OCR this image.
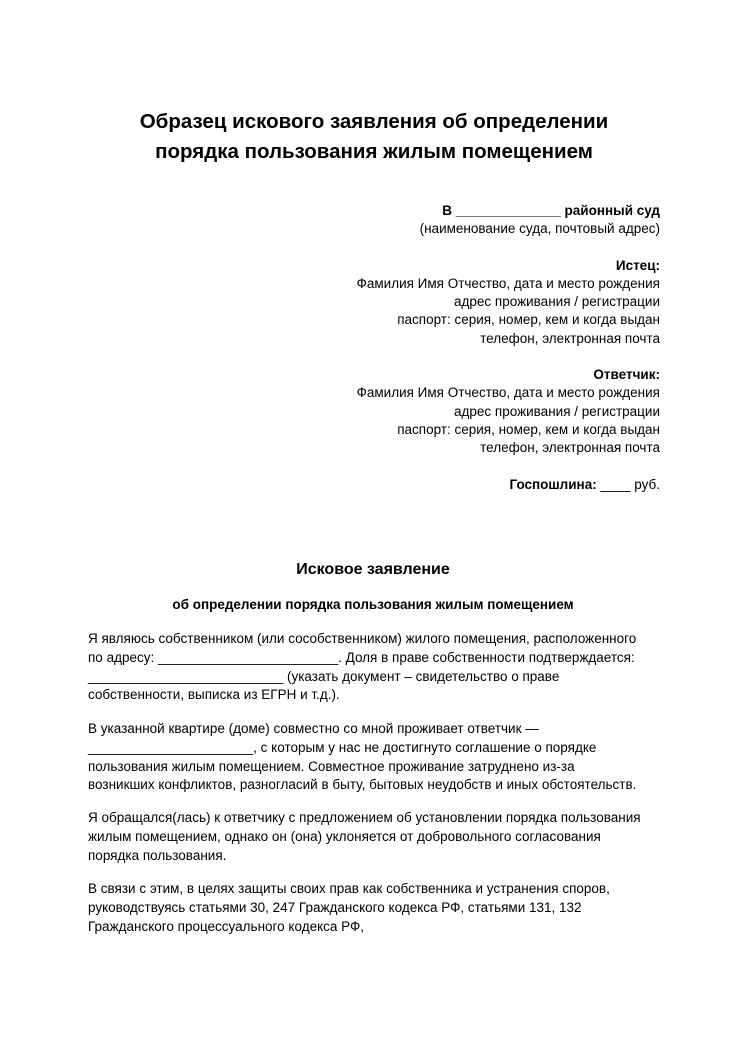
Образец искового заявления об определении
порядка пользования жилым помещением

В ______________ районный суд

(наименование суда, почтовый адрес)

Истец:

Фамилия Имя Отчество, дата и место рождения

адрес проживания / регистрации

паспорт: серия, номер, кем и когда выдан

телефон, электронная почта

Ответчик:

Фамилия Имя Отчество, дата и место рождения

адрес проживания / регистрации

паспорт: серия, номер, кем и когда выдан

телефон, электронная почта

Госпошлина: ____ руб.

Исковое заявление
об определении порядка пользования жилым помещением
Я являюсь собственником (или сособственником) жилого помещения, расположенного
по адресу: ________________________. Доля в праве собственности подтверждается:
__________________________ (указать документ – свидетельство о праве
собственности, выписка из ЕГРН и т.д.).
В указанной квартире (доме) совместно со мной проживает ответчик —
______________________, с которым у нас не достигнуто соглашение о порядке
пользования жилым помещением. Совместное проживание затруднено из-за
возникших конфликтов, разногласий в быту, бытовых неудобств и иных обстоятельств.
Я обращался(лась) к ответчику с предложением об установлении порядка пользования
жилым помещением, однако он (она) уклоняется от добровольного согласования
порядка пользования.
В связи с этим, в целях защиты своих прав как собственника и устранения споров,
руководствуясь статьями 30, 247 Гражданского кодекса РФ, статьями 131, 132
Гражданского процессуального кодекса РФ,
